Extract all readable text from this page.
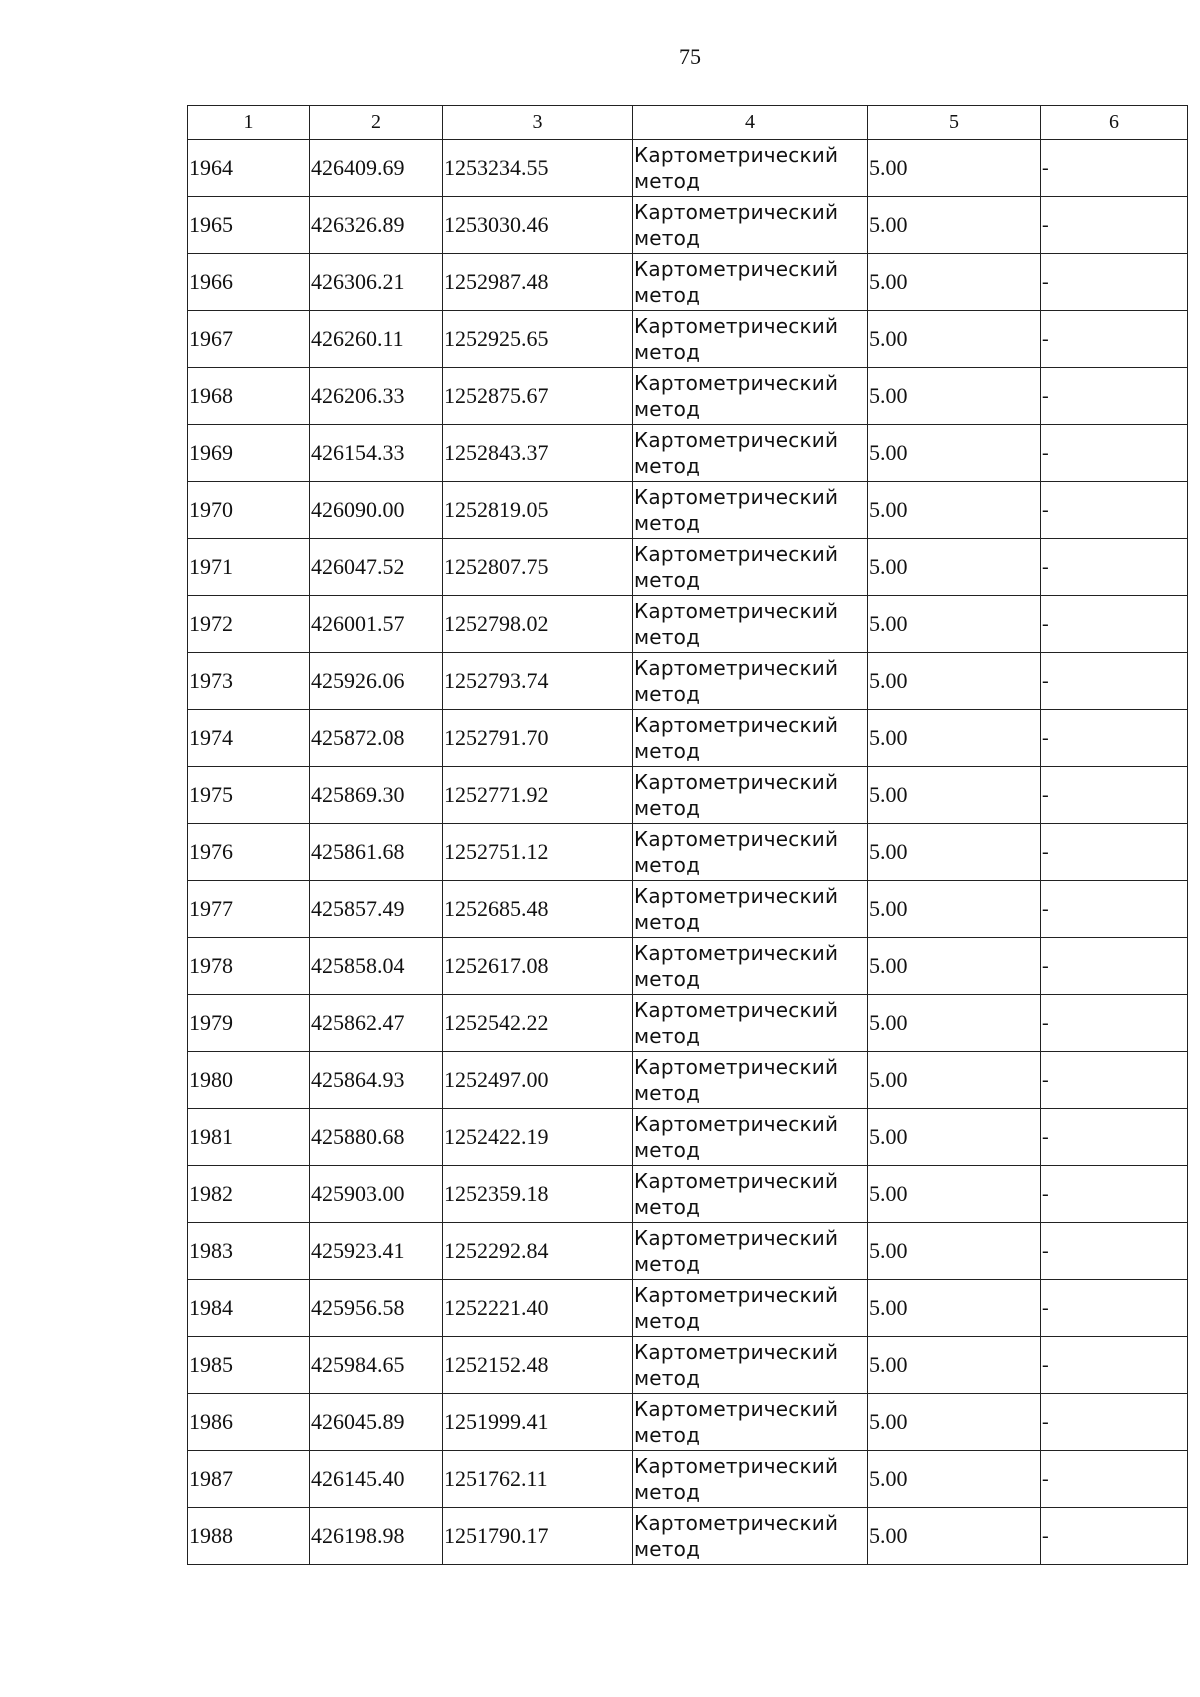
75
1	2	3	4	5	6
1964	426409.69	1253234.55	Картометрический метод	5.00	-
1965	426326.89	1253030.46	Картометрический метод	5.00	-
1966	426306.21	1252987.48	Картометрический метод	5.00	-
1967	426260.11	1252925.65	Картометрический метод	5.00	-
1968	426206.33	1252875.67	Картометрический метод	5.00	-
1969	426154.33	1252843.37	Картометрический метод	5.00	-
1970	426090.00	1252819.05	Картометрический метод	5.00	-
1971	426047.52	1252807.75	Картометрический метод	5.00	-
1972	426001.57	1252798.02	Картометрический метод	5.00	-
1973	425926.06	1252793.74	Картометрический метод	5.00	-
1974	425872.08	1252791.70	Картометрический метод	5.00	-
1975	425869.30	1252771.92	Картометрический метод	5.00	-
1976	425861.68	1252751.12	Картометрический метод	5.00	-
1977	425857.49	1252685.48	Картометрический метод	5.00	-
1978	425858.04	1252617.08	Картометрический метод	5.00	-
1979	425862.47	1252542.22	Картометрический метод	5.00	-
1980	425864.93	1252497.00	Картометрический метод	5.00	-
1981	425880.68	1252422.19	Картометрический метод	5.00	-
1982	425903.00	1252359.18	Картометрический метод	5.00	-
1983	425923.41	1252292.84	Картометрический метод	5.00	-
1984	425956.58	1252221.40	Картометрический метод	5.00	-
1985	425984.65	1252152.48	Картометрический метод	5.00	-
1986	426045.89	1251999.41	Картометрический метод	5.00	-
1987	426145.40	1251762.11	Картометрический метод	5.00	-
1988	426198.98	1251790.17	Картометрический метод	5.00	-
